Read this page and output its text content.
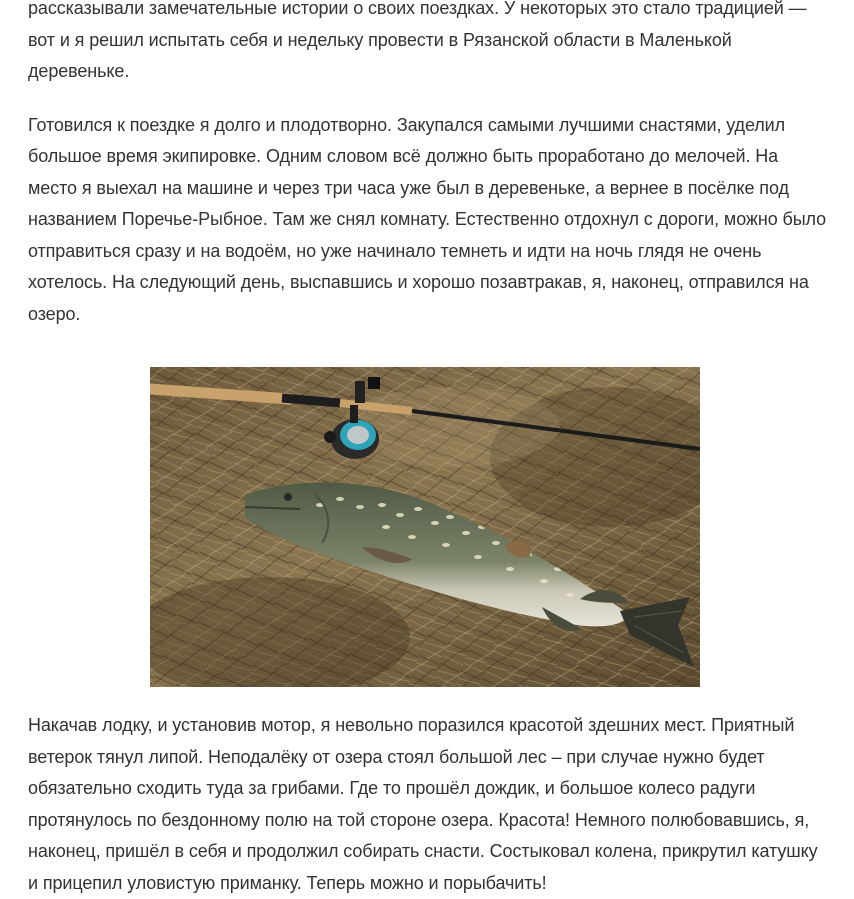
рассказывали замечательные истории о своих поездках. У некоторых это стало традицией — вот и я решил испытать себя и недельку провести в Рязанской области в Маленькой деревеньке.

Готовился к поездке я долго и плодотворно. Закупался самыми лучшими снастями, уделил большое время экипировке. Одним словом всё должно быть проработано до мелочей. На место я выехал на машине и через три часа уже был в деревеньке, а вернее в посёлке под названием Поречье-Рыбное. Там же снял комнату. Естественно отдохнул с дороги, можно было отправиться сразу и на водоём, но уже начинало темнеть и идти на ночь глядя не очень хотелось. На следующий день, выспавшись и хорошо позавтракав, я, наконец, отправился на озеро.

Накачав лодку, и установив мотор, я невольно поразился красотой здешних мест. Приятный ветерок тянул липой. Неподалёку от озера стоял большой лес – при случае нужно будет обязательно сходить туда за грибами. Где то прошёл дождик, и большое колесо радуги протянулось по бездонному полю на той стороне озера. Красота! Немного полюбовавшись, я, наконец, пришёл в себя и продолжил собирать снасти. Состыковал колена, прикрутил катушку и прицепил уловистую приманку. Теперь можно и порыбачить!
